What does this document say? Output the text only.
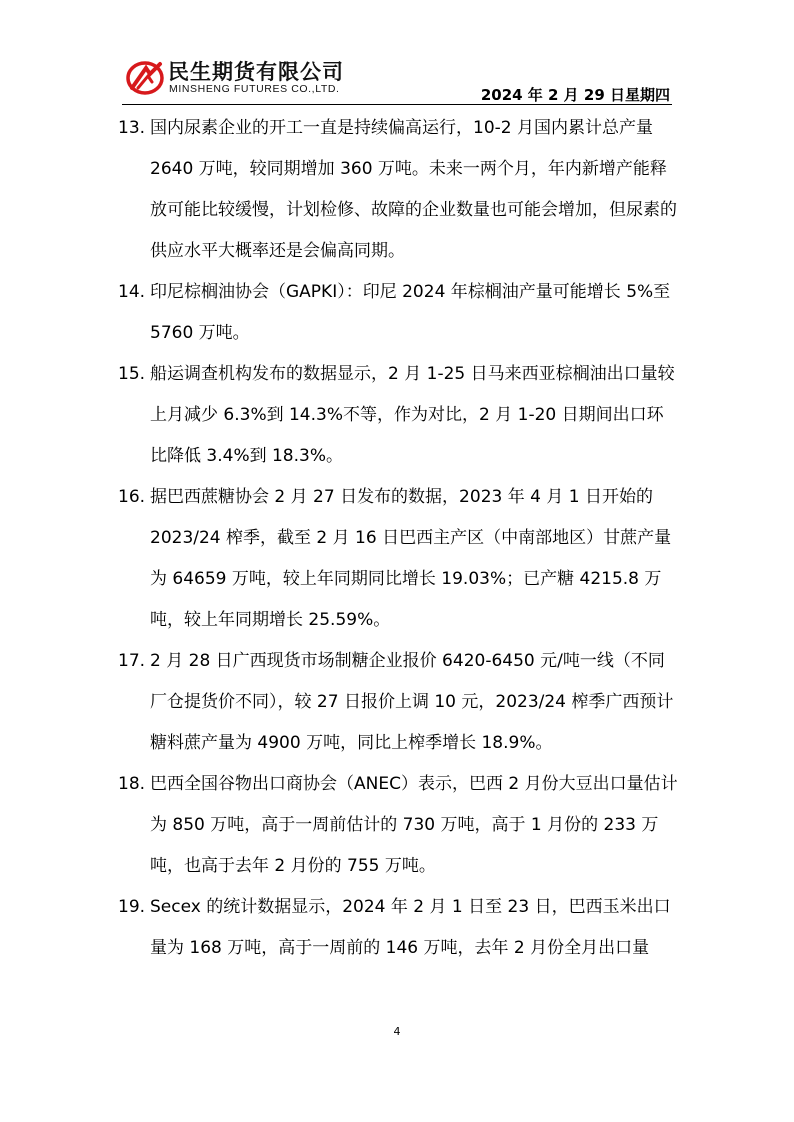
民生期货有限公司
MINSHENG FUTURES CO.,LTD.	2024 年 2 月 29 日星期四
13. 国内尿素企业的开工一直是持续偏高运行，10-2 月国内累计总产量 2640 万吨，较同期增加 360 万吨。未来一两个月，年内新增产能释放可能比较缓慢，计划检修、故障的企业数量也可能会增加，但尿素的供应水平大概率还是会偏高同期。
14. 印尼棕榈油协会（GAPKI）：印尼 2024 年棕榈油产量可能增长 5%至 5760 万吨。
15. 船运调查机构发布的数据显示，2 月 1-25 日马来西亚棕榈油出口量较上月减少 6.3%到 14.3%不等，作为对比，2 月 1-20 日期间出口环比降低 3.4%到 18.3%。
16. 据巴西蔗糖协会 2 月 27 日发布的数据，2023 年 4 月 1 日开始的 2023/24 榨季，截至 2 月 16 日巴西主产区（中南部地区）甘蔗产量为 64659 万吨，较上年同期同比增长 19.03%；已产糖 4215.8 万吨，较上年同期增长 25.59%。
17. 2 月 28 日广西现货市场制糖企业报价 6420-6450 元/吨一线（不同厂仓提货价不同），较 27 日报价上调 10 元，2023/24 榨季广西预计糖料蔗产量为 4900 万吨，同比上榨季增长 18.9%。
18. 巴西全国谷物出口商协会（ANEC）表示，巴西 2 月份大豆出口量估计为 850 万吨，高于一周前估计的 730 万吨，高于 1 月份的 233 万吨，也高于去年 2 月份的 755 万吨。
19. Secex 的统计数据显示，2024 年 2 月 1 日至 23 日，巴西玉米出口量为 168 万吨，高于一周前的 146 万吨，去年 2 月份全月出口量
4
